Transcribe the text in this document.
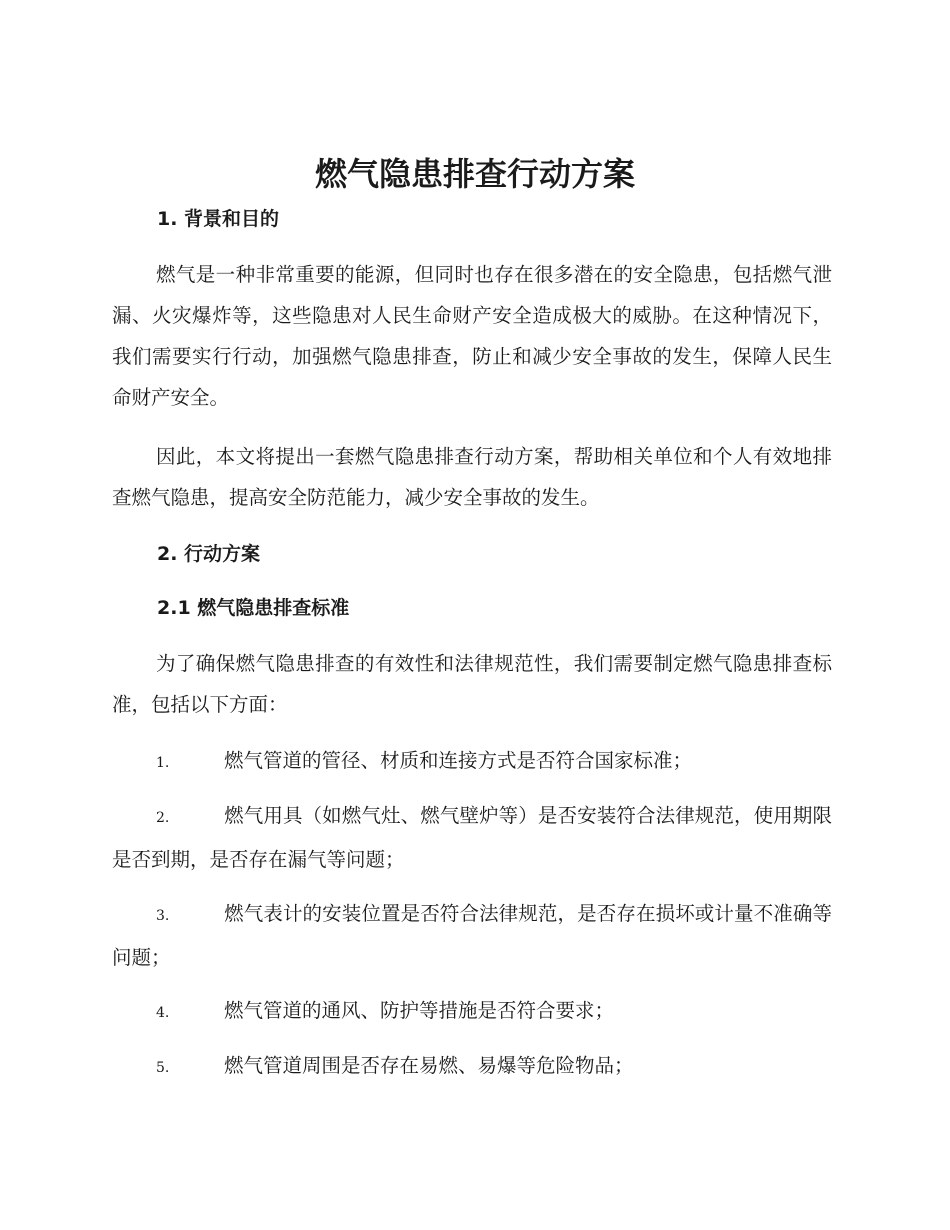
燃气隐患排查行动方案
1. 背景和目的

燃气是一种非常重要的能源，但同时也存在很多潜在的安全隐患，包括燃气泄漏、火灾爆炸等，这些隐患对人民生命财产安全造成极大的威胁。在这种情况下，我们需要实行行动，加强燃气隐患排查，防止和减少安全事故的发生，保障人民生命财产安全。

因此，本文将提出一套燃气隐患排查行动方案，帮助相关单位和个人有效地排查燃气隐患，提高安全防范能力，减少安全事故的发生。

2. 行动方案
2.1 燃气隐患排查标准

为了确保燃气隐患排查的有效性和法律规范性，我们需要制定燃气隐患排查标准，包括以下方面：

1.	燃气管道的管径、材质和连接方式是否符合国家标准；

2.	燃气用具（如燃气灶、燃气壁炉等）是否安装符合法律规范，使用期限是否到期，是否存在漏气等问题；

3.	燃气表计的安装位置是否符合法律规范，是否存在损坏或计量不准确等问题；

4.	燃气管道的通风、防护等措施是否符合要求；

5.	燃气管道周围是否存在易燃、易爆等危险物品；
